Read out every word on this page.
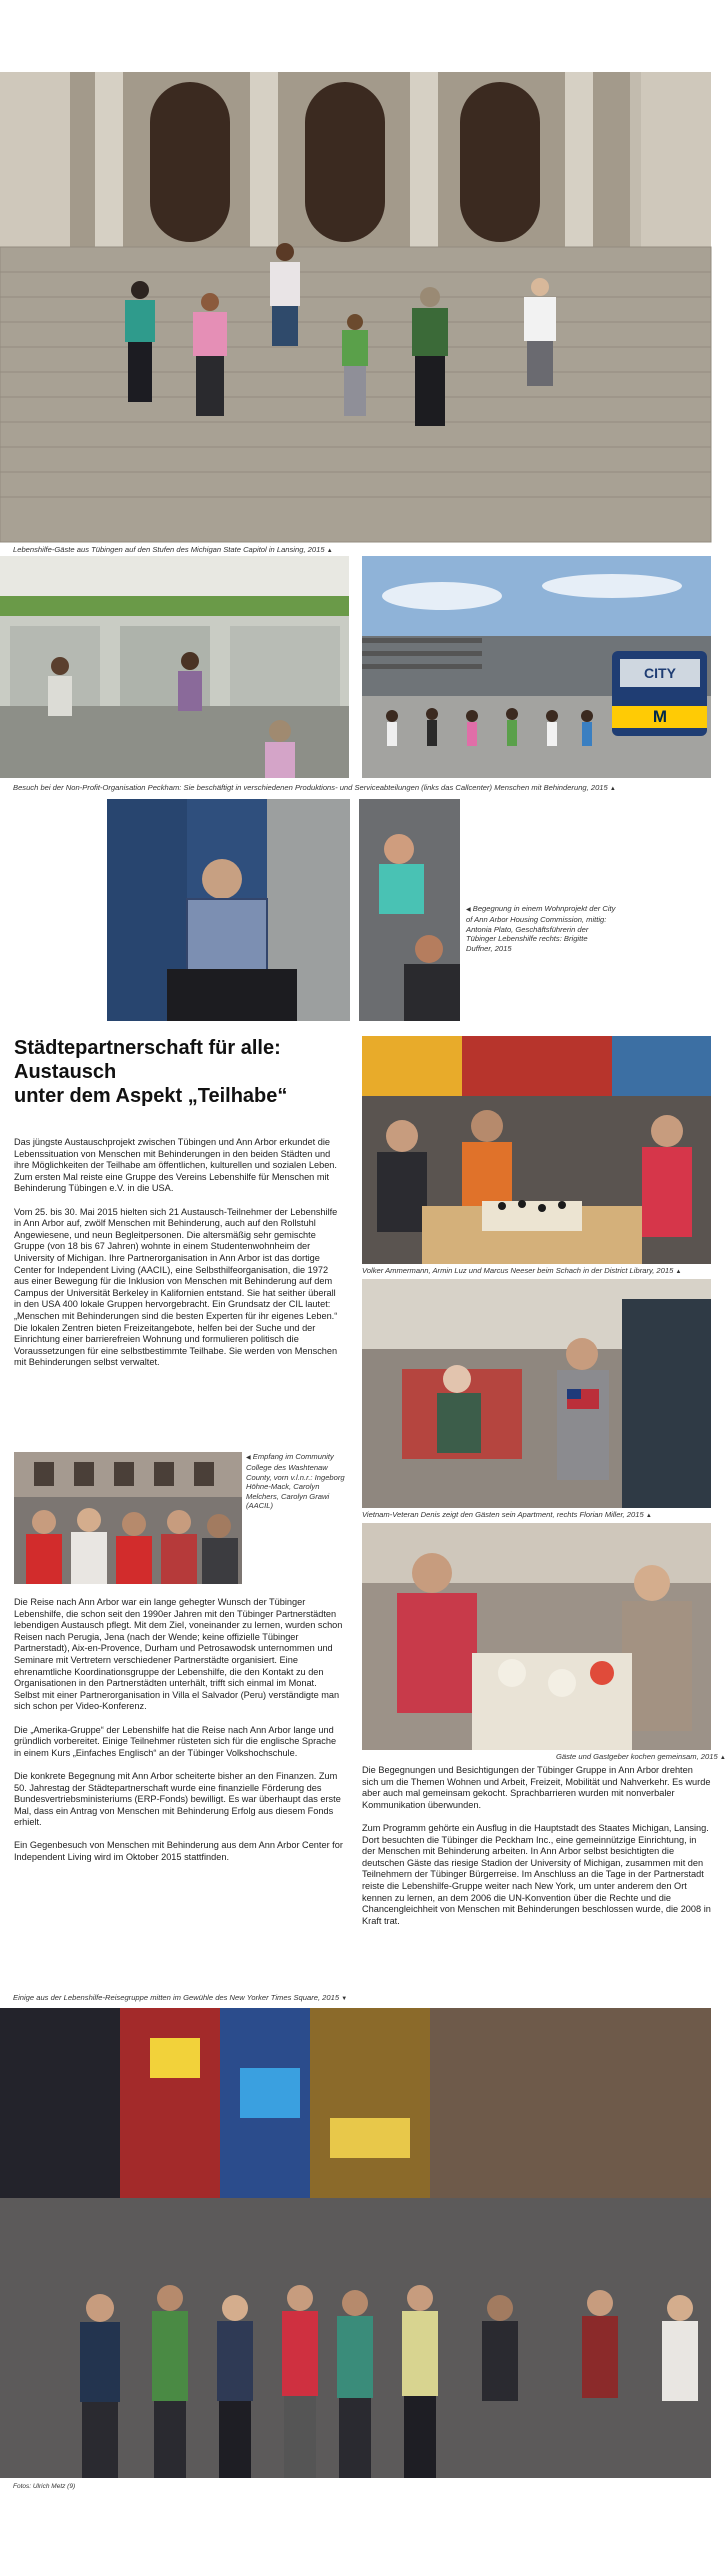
Lebenshilfe-Gäste aus Tübingen auf den Stufen des Michigan State Capitol in Lansing, 2015 ▲
CITY
M
Besuch bei der Non-Profit-Organisation Peckham: Sie beschäftigt in verschiedenen Produktions- und Serviceabteilungen (links das Callcenter) Menschen mit Behinderung, 2015 ▲
◀ Begegnung in einem Wohnprojekt der City of Ann Arbor Housing Commission, mittig: Antonia Plato, Geschäftsführerin der Tübinger Lebenshilfe rechts: Brigitte Duffner, 2015
Städtepartnerschaft für alle:
Austausch
unter dem Aspekt „Teilhabe“

Das jüngste Austauschprojekt zwischen Tübingen und Ann Arbor erkundet die Lebenssituation von Menschen mit Behinderungen in den beiden Städten und ihre Möglichkeiten der Teilhabe am öffentlichen, kulturellen und sozialen Leben. Zum ersten Mal reiste eine Gruppe des Vereins Lebenshilfe für Menschen mit Behinderung Tübingen e.V. in die USA.

Vom 25. bis 30. Mai 2015 hielten sich 21 Austausch-Teilnehmer der Lebenshilfe in Ann Arbor auf, zwölf Menschen mit Behinderung, auch auf den Rollstuhl Angewiesene, und neun Begleitpersonen. Die altersmäßig sehr gemischte Gruppe (von 18 bis 67 Jahren) wohnte in einem Studentenwohnheim der University of Michigan. Ihre Partnerorganisation in Ann Arbor ist das dortige Center for Independent Living (AACIL), eine Selbsthilfeorganisation, die 1972 aus einer Bewegung für die Inklusion von Menschen mit Behinderung auf dem Campus der Universität Berkeley in Kalifornien entstand. Sie hat seither überall in den USA 400 lokale Gruppen hervorgebracht. Ein Grundsatz der CIL lautet: „Menschen mit Behinderungen sind die besten Experten für ihr eigenes Leben.“ Die lokalen Zentren bieten Freizeitangebote, helfen bei der Suche und der Einrichtung einer barrierefreien Wohnung und formulieren politisch die Voraussetzungen für eine selbstbestimmte Teilhabe. Sie werden von Menschen mit Behinderungen selbst verwaltet.

◀ Empfang im Community College des Washtenaw County, vorn v.l.n.r.: Ingeborg Höhne-Mack, Carolyn Melchers, Carolyn Grawi (AACIL)

Die Reise nach Ann Arbor war ein lange gehegter Wunsch der Tübinger Lebenshilfe, die schon seit den 1990er Jahren mit den Tübinger Partnerstädten lebendigen Austausch pflegt. Mit dem Ziel, voneinander zu lernen, wurden schon Reisen nach Perugia, Jena (nach der Wende; keine offizielle Tübinger Partnerstadt), Aix-en-Provence, Durham und Petrosawodsk unternommen und Seminare mit Vertretern verschiedener Partnerstädte organisiert. Eine ehrenamtliche Koordinationsgruppe der Lebenshilfe, die den Kontakt zu den Organisationen in den Partnerstädten unterhält, trifft sich einmal im Monat. Selbst mit einer Partnerorganisation in Villa el Salvador (Peru) verständigte man sich schon per Video-Konferenz.

Die „Amerika-Gruppe“ der Lebenshilfe hat die Reise nach Ann Arbor lange und gründlich vorbereitet. Einige Teilnehmer rüsteten sich für die englische Sprache in einem Kurs „Einfaches Englisch“ an der Tübinger Volkshochschule.

Die konkrete Begegnung mit Ann Arbor scheiterte bisher an den Finanzen. Zum 50. Jahrestag der Städtepartnerschaft wurde eine finanzielle Förderung des Bundesvertriebsministeriums (ERP-Fonds) bewilligt. Es war überhaupt das erste Mal, dass ein Antrag von Menschen mit Behinderung Erfolg aus diesem Fonds erhielt.

Ein Gegenbesuch von Menschen mit Behinderung aus dem Ann Arbor Center for Independent Living wird im Oktober 2015 stattfinden.

Volker Ammermann, Armin Luz und Marcus Neeser beim Schach in der District Library, 2015 ▲
Vietnam-Veteran Denis zeigt den Gästen sein Apartment, rechts Florian Miller, 2015 ▲
Gäste und Gastgeber kochen gemeinsam, 2015 ▲

Die Begegnungen und Besichtigungen der Tübinger Gruppe in Ann Arbor drehten sich um die Themen Wohnen und Arbeit, Freizeit, Mobilität und Nahverkehr. Es wurde aber auch mal gemeinsam gekocht. Sprachbarrieren wurden mit nonverbaler Kommunikation überwunden.

Zum Programm gehörte ein Ausflug in die Hauptstadt des Staates Michigan, Lansing. Dort besuchten die Tübinger die Peckham Inc., eine gemeinnützige Einrichtung, in der Menschen mit Behinderung arbeiten. In Ann Arbor selbst besichtigten die deutschen Gäste das riesige Stadion der University of Michigan, zusammen mit den Teilnehmern der Tübinger Bürgerreise. Im Anschluss an die Tage in der Partnerstadt reiste die Lebenshilfe-Gruppe weiter nach New York, um unter anderem den Ort kennen zu lernen, an dem 2006 die UN-Konvention über die Rechte und die Chancengleichheit von Menschen mit Behinderungen beschlossen wurde, die 2008 in Kraft trat.

Einige aus der Lebenshilfe-Reisegruppe mitten im Gewühle des New Yorker Times Square, 2015 ▼
Fotos: Ulrich Metz (9)
